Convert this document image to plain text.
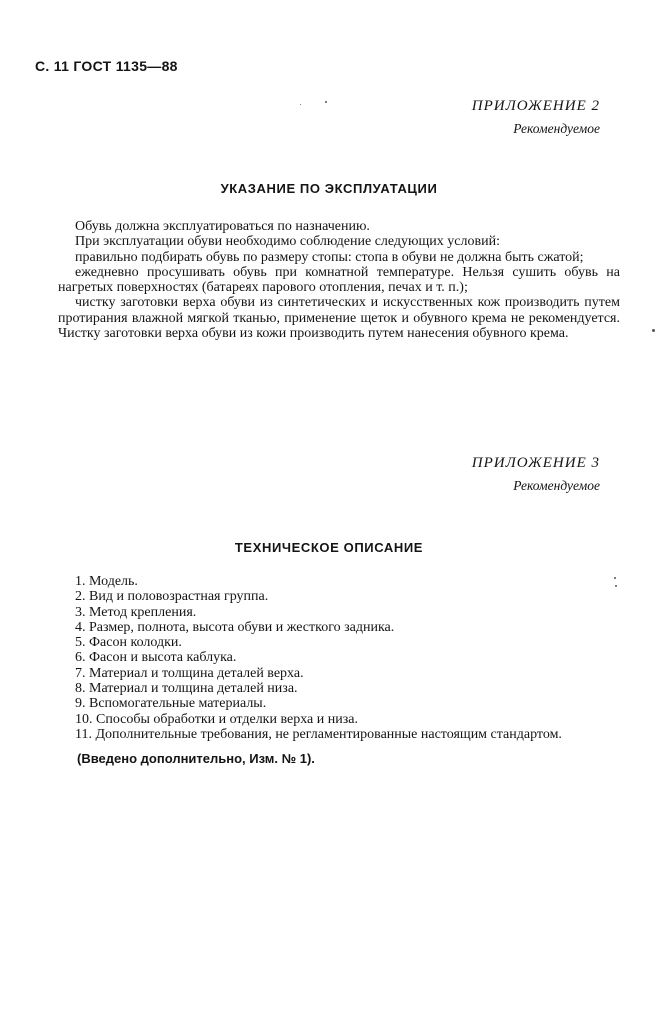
С. 11 ГОСТ 1135—88
ПРИЛОЖЕНИЕ 2
Рекомендуемое
УКАЗАНИЕ ПО ЭКСПЛУАТАЦИИ

Обувь должна эксплуатироваться по назначению.

При эксплуатации обуви необходимо соблюдение следующих условий:

правильно подбирать обувь по размеру стопы: стопа в обуви не должна быть сжатой;

ежедневно просушивать обувь при комнатной температуре. Нельзя сушить обувь на нагретых поверхностях (батареях парового отопления, печах и т. п.);

чистку заготовки верха обуви из синтетических и искусственных кож производить путем протирания влажной мягкой тканью, применение щеток и обувного крема не рекомендуется. Чистку заготовки верха обуви из кожи производить путем нанесения обувного крема.

ПРИЛОЖЕНИЕ 3
Рекомендуемое
ТЕХНИЧЕСКОЕ ОПИСАНИЕ

1. Модель.

2. Вид и половозрастная группа.

3. Метод крепления.

4. Размер, полнота, высота обуви и жесткого задника.

5. Фасон колодки.

6. Фасон и высота каблука.

7. Материал и толщина деталей верха.

8. Материал и толщина деталей низа.

9. Вспомогательные материалы.

10. Способы обработки и отделки верха и низа.

11. Дополнительные требования, не регламентированные настоящим стандартом.

(Введено дополнительно, Изм. № 1).
